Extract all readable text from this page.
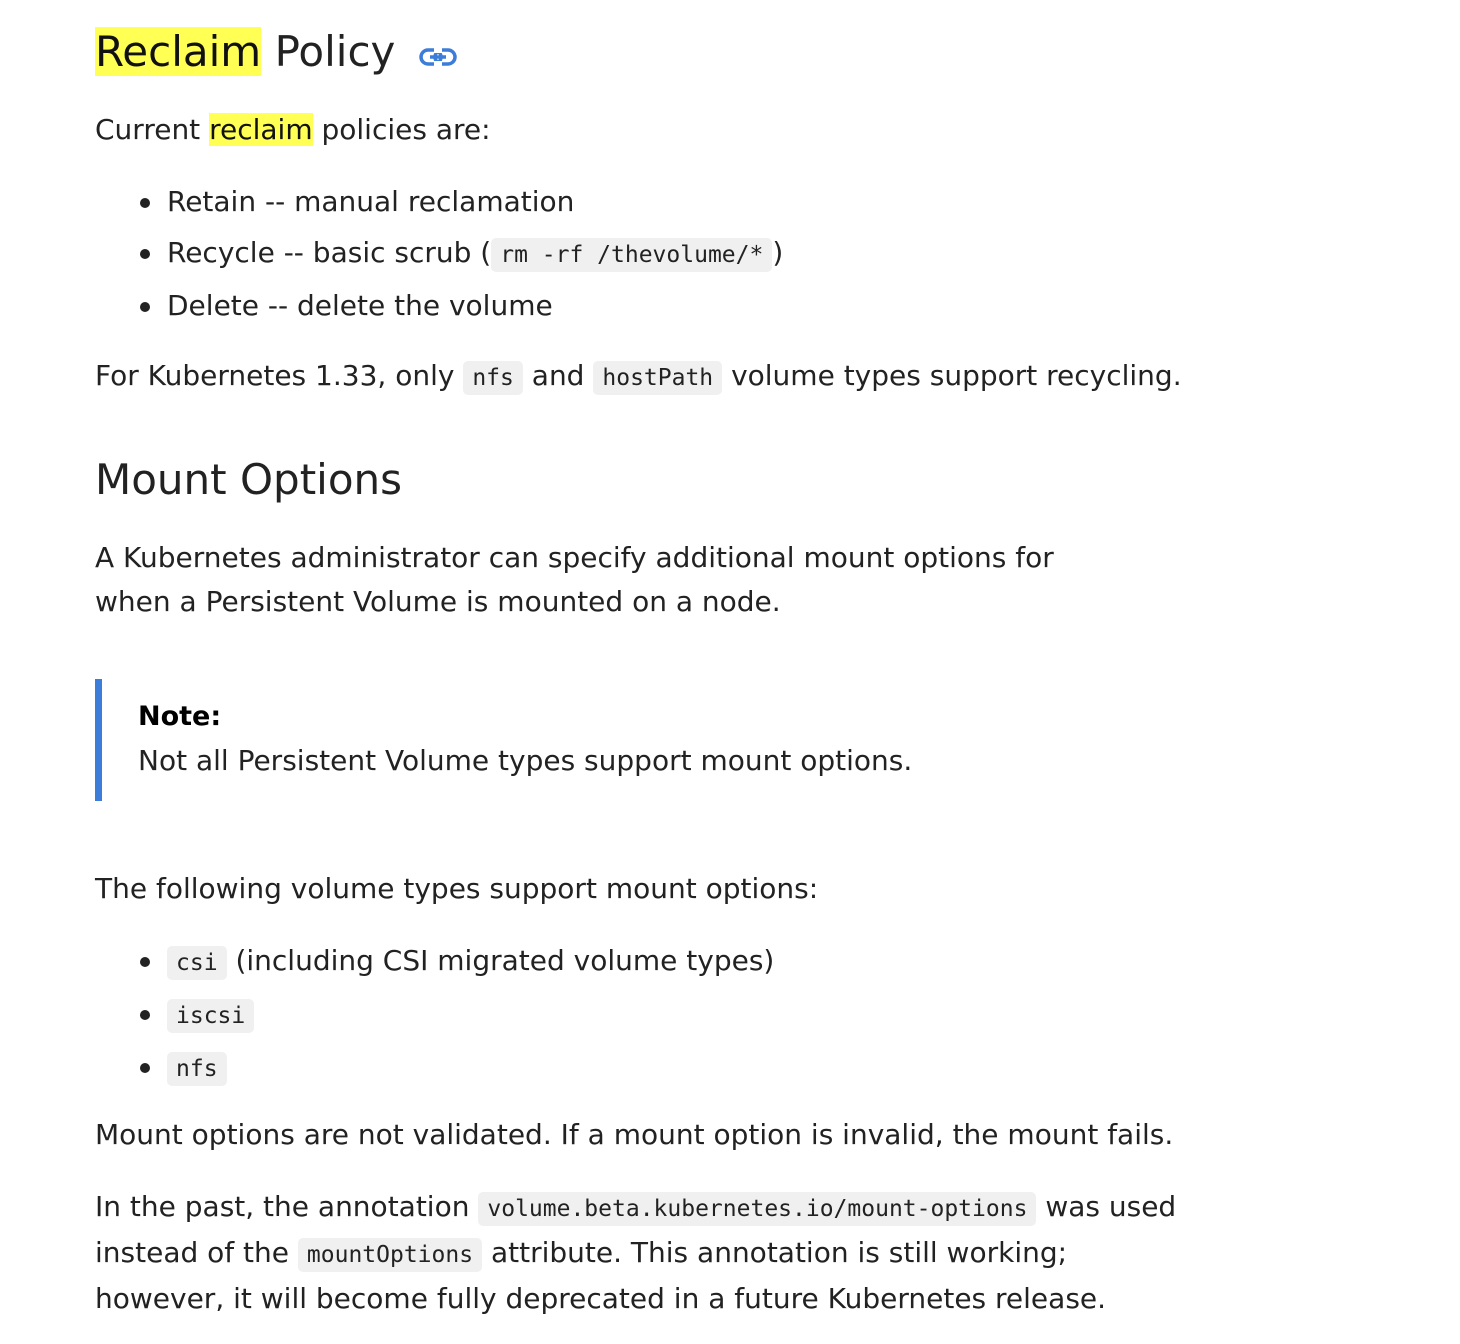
Reclaim Policy

Current reclaim policies are:

Retain -- manual reclamation
Recycle -- basic scrub ( rm -rf /thevolume/* )
Delete -- delete the volume

For Kubernetes 1.33, only nfs and hostPath volume types support recycling.

Mount Options

A Kubernetes administrator can specify additional mount options for when a Persistent Volume is mounted on a node.

Note:

Not all Persistent Volume types support mount options.

The following volume types support mount options:

csi (including CSI migrated volume types)
iscsi
nfs

Mount options are not validated. If a mount option is invalid, the mount fails.

In the past, the annotation volume.beta.kubernetes.io/mount-options was used instead of the mountOptions attribute. This annotation is still working; however, it will become fully deprecated in a future Kubernetes release.
